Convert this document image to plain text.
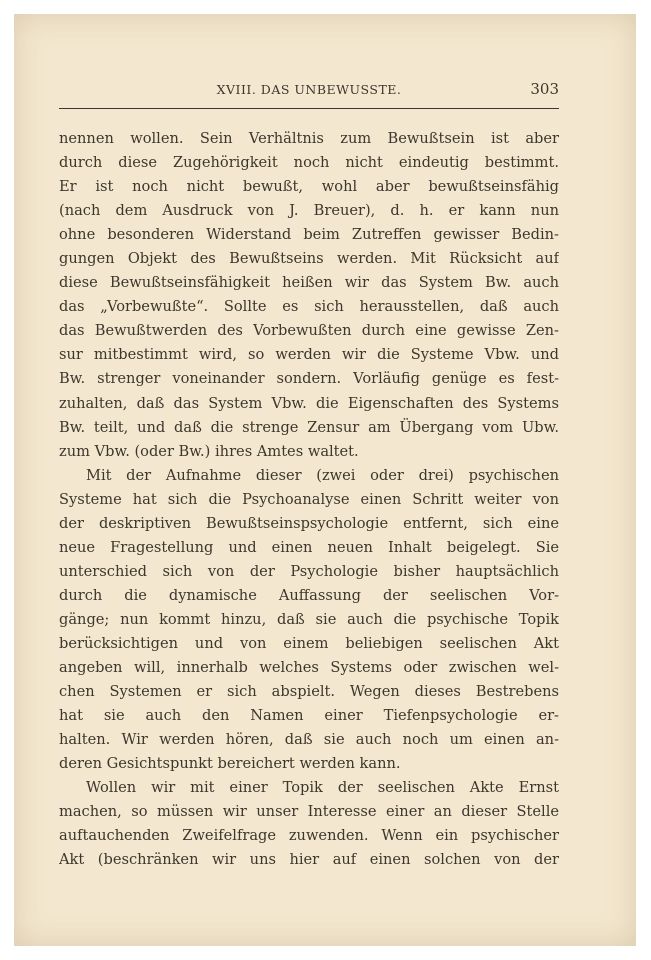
XVIII. DAS UNBEWUSSTE.	303
nennen wollen. Sein Verhältnis zum Bewußtsein ist aber
durch diese Zugehörigkeit noch nicht eindeutig bestimmt.
Er ist noch nicht bewußt, wohl aber bewußtseinsfähig
(nach dem Ausdruck von J. Breuer), d. h. er kann nun
ohne besonderen Widerstand beim Zutreffen gewisser Bedin-
gungen Objekt des Bewußtseins werden. Mit Rücksicht auf
diese Bewußtseinsfähigkeit heißen wir das System Bw. auch
das „Vorbewußte“. Sollte es sich herausstellen, daß auch
das Bewußtwerden des Vorbewußten durch eine gewisse Zen-
sur mitbestimmt wird, so werden wir die Systeme Vbw. und
Bw. strenger voneinander sondern. Vorläufig genüge es fest-
zuhalten, daß das System Vbw. die Eigenschaften des Systems
Bw. teilt, und daß die strenge Zensur am Übergang vom Ubw.
zum Vbw. (oder Bw.) ihres Amtes waltet.
Mit der Aufnahme dieser (zwei oder drei) psychischen
Systeme hat sich die Psychoanalyse einen Schritt weiter von
der deskriptiven Bewußtseinspsychologie entfernt, sich eine
neue Fragestellung und einen neuen Inhalt beigelegt. Sie
unterschied sich von der Psychologie bisher hauptsächlich
durch die dynamische Auffassung der seelischen Vor-
gänge; nun kommt hinzu, daß sie auch die psychische Topik
berücksichtigen und von einem beliebigen seelischen Akt
angeben will, innerhalb welches Systems oder zwischen wel-
chen Systemen er sich abspielt. Wegen dieses Bestrebens
hat sie auch den Namen einer Tiefenpsychologie er-
halten. Wir werden hören, daß sie auch noch um einen an-
deren Gesichtspunkt bereichert werden kann.
Wollen wir mit einer Topik der seelischen Akte Ernst
machen, so müssen wir unser Interesse einer an dieser Stelle
auftauchenden Zweifelfrage zuwenden. Wenn ein psychischer
Akt (beschränken wir uns hier auf einen solchen von der
